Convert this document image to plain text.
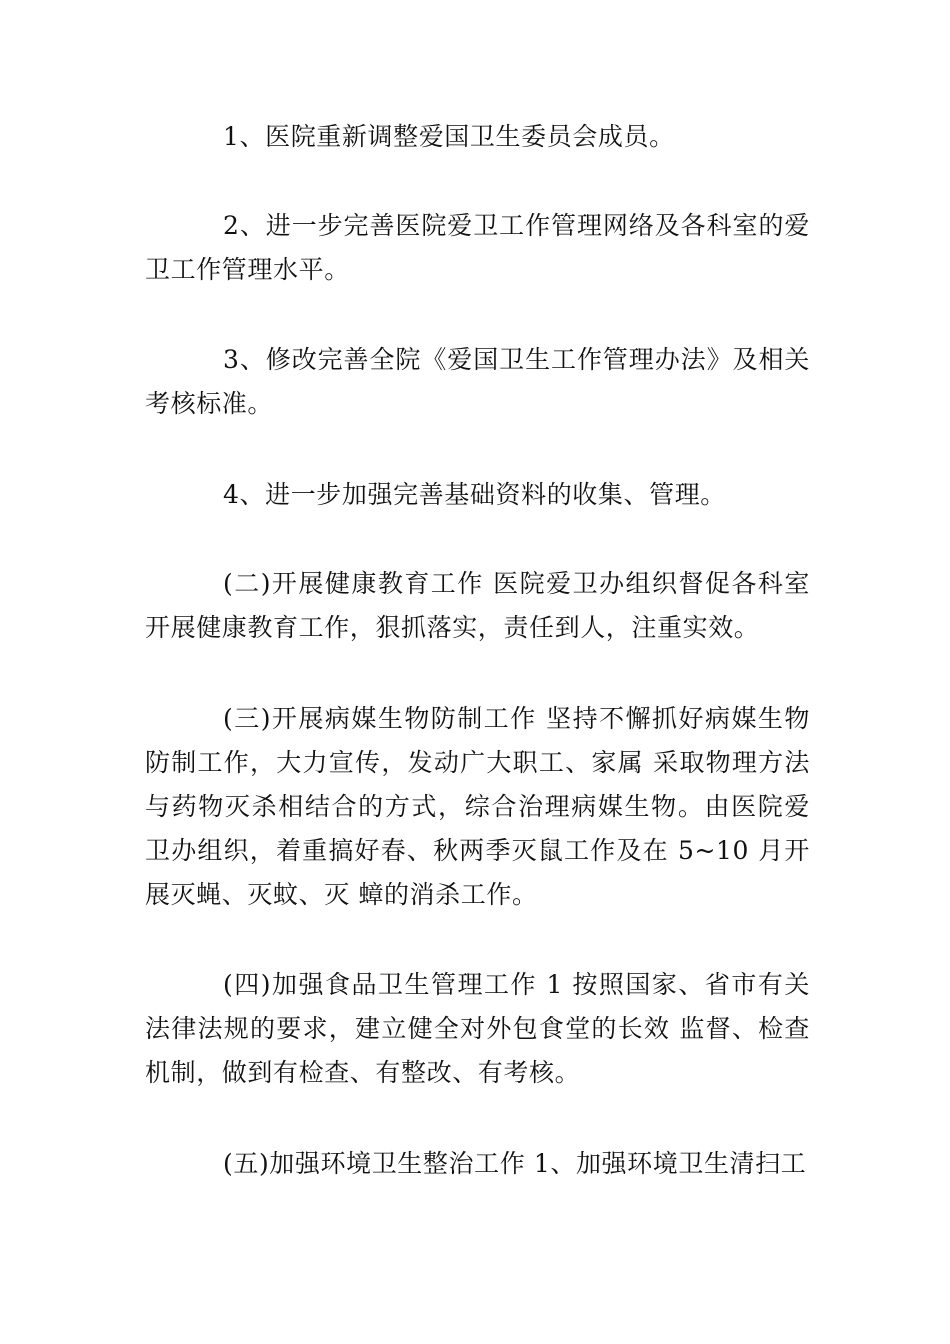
1、医院重新调整爱国卫生委员会成员。

2、进一步完善医院爱卫工作管理网络及各科室的爱卫工作管理水平。

3、修改完善全院《爱国卫生工作管理办法》及相关考核标准。

4、进一步加强完善基础资料的收集、管理。

(二)开展健康教育工作 医院爱卫办组织督促各科室开展健康教育工作，狠抓落实，责任到人，注重实效。

(三)开展病媒生物防制工作 坚持不懈抓好病媒生物防制工作，大力宣传，发动广大职工、家属 采取物理方法与药物灭杀相结合的方式，综合治理病媒生物。由医院爱卫办组织，着重搞好春、秋两季灭鼠工作及在 5~10 月开展灭蝇、灭蚊、灭 蟑的消杀工作。

(四)加强食品卫生管理工作 1 按照国家、省市有关法律法规的要求，建立健全对外包食堂的长效 监督、检查机制，做到有检查、有整改、有考核。

(五)加强环境卫生整治工作 1、加强环境卫生清扫工
